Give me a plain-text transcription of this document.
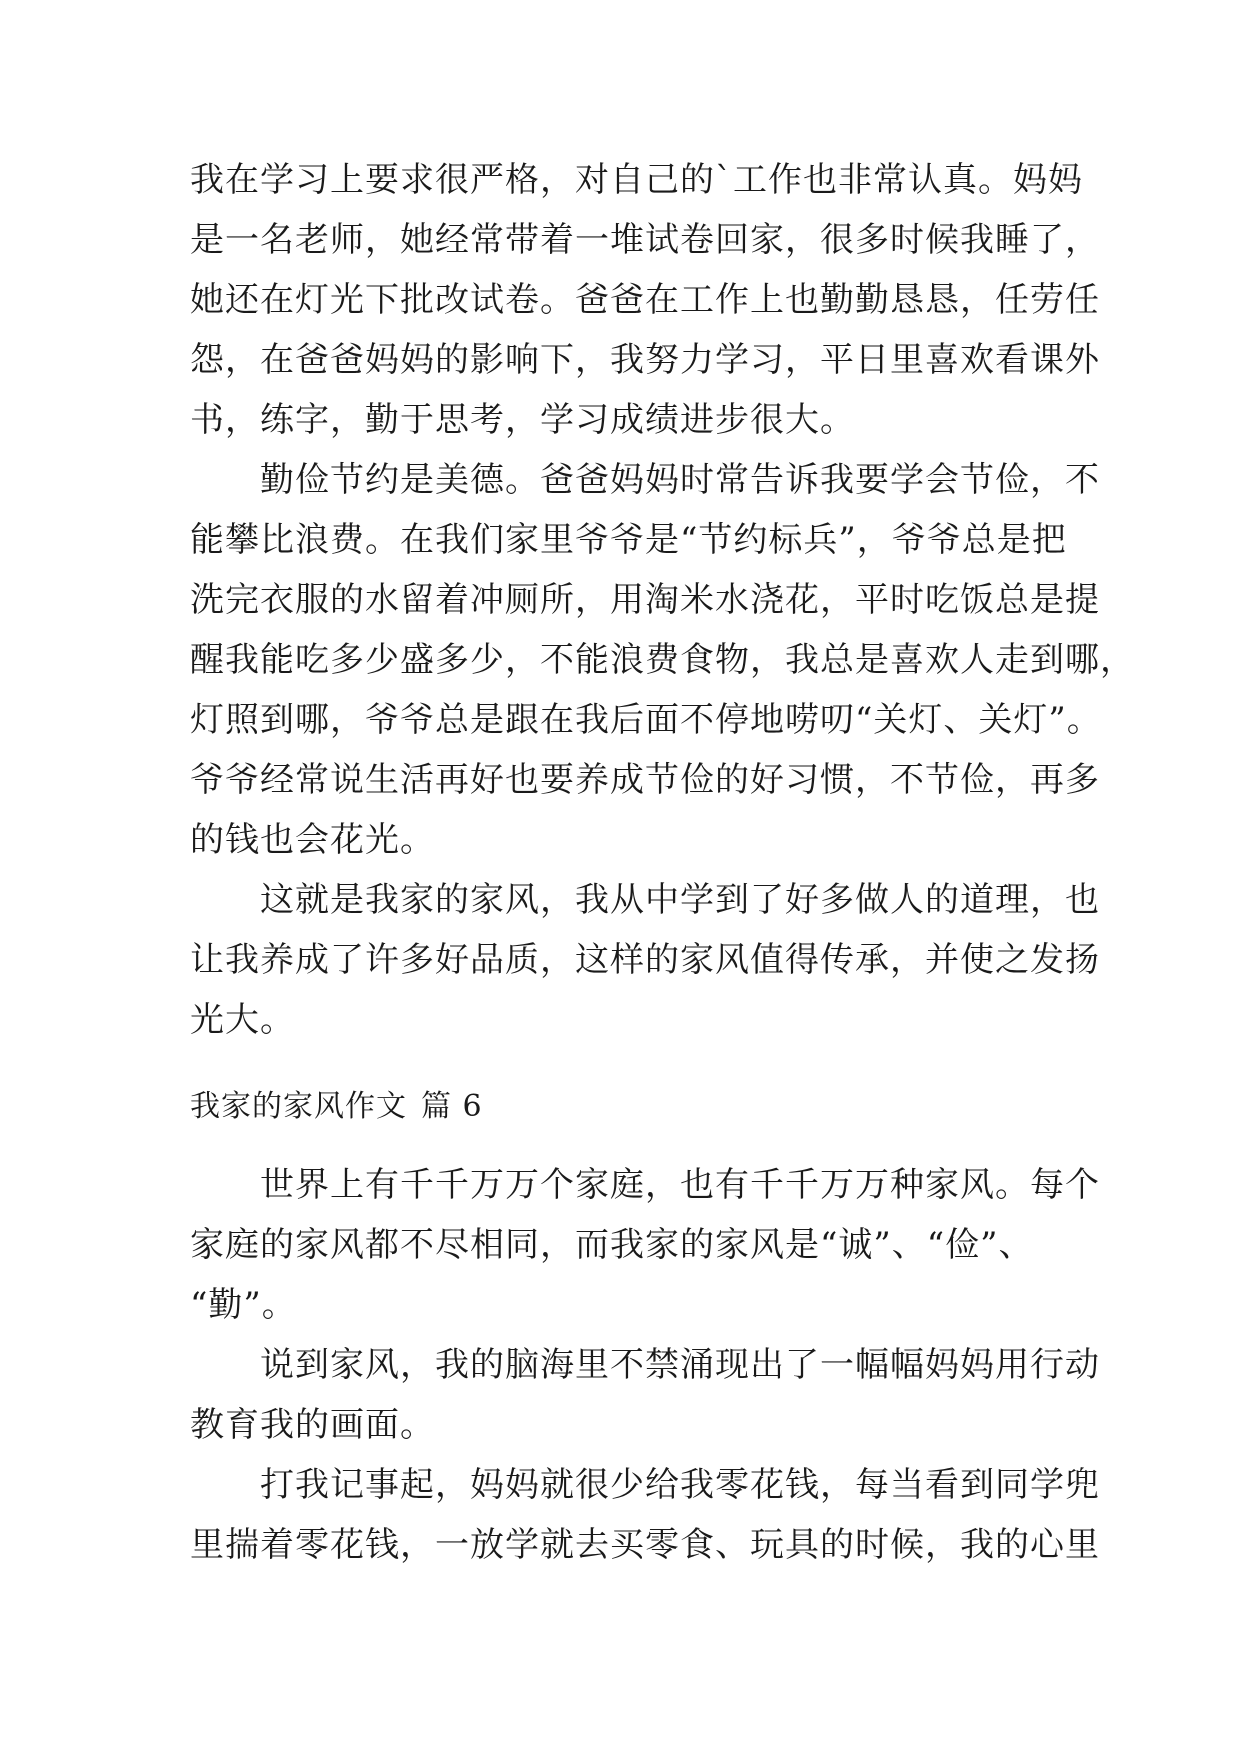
我在学习上要求很严格，对自己的`工作也非常认真。妈妈
是一名老师，她经常带着一堆试卷回家，很多时候我睡了，
她还在灯光下批改试卷。爸爸在工作上也勤勤恳恳，任劳任
怨，在爸爸妈妈的影响下，我努力学习，平日里喜欢看课外
书，练字，勤于思考，学习成绩进步很大。
　　勤俭节约是美德。爸爸妈妈时常告诉我要学会节俭，不
能攀比浪费。在我们家里爷爷是“节约标兵”，爷爷总是把
洗完衣服的水留着冲厕所，用淘米水浇花，平时吃饭总是提
醒我能吃多少盛多少，不能浪费食物，我总是喜欢人走到哪，
灯照到哪，爷爷总是跟在我后面不停地唠叨“关灯、关灯”。
爷爷经常说生活再好也要养成节俭的好习惯，不节俭，再多
的钱也会花光。
　　这就是我家的家风，我从中学到了好多做人的道理，也
让我养成了许多好品质，这样的家风值得传承，并使之发扬
光大。
我家的家风作文 篇 6
　　世界上有千千万万个家庭，也有千千万万种家风。每个
家庭的家风都不尽相同，而我家的家风是“诚”、“俭”、
“勤”。
　　说到家风，我的脑海里不禁涌现出了一幅幅妈妈用行动
教育我的画面。
　　打我记事起，妈妈就很少给我零花钱，每当看到同学兜
里揣着零花钱，一放学就去买零食、玩具的时候，我的心里
